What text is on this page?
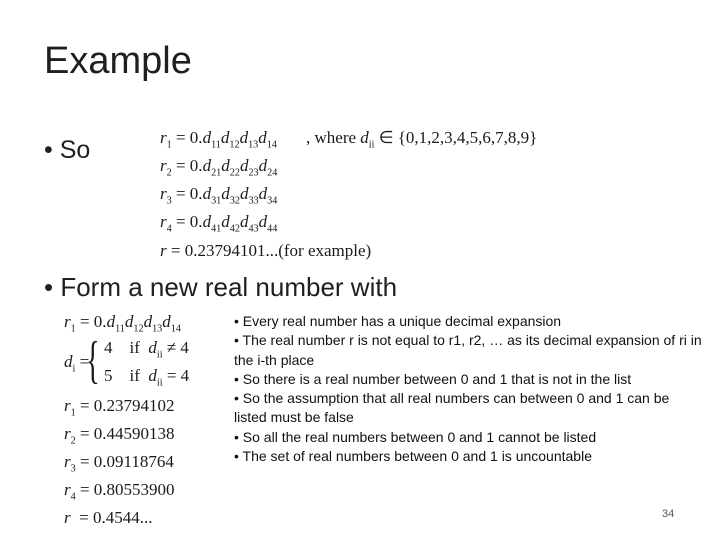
Example
• So	$r_1 = 0.d_{11}d_{12}d_{13}d_{14}$
$r_2 = 0.d_{21}d_{22}d_{23}d_{24}$
$r_3 = 0.d_{31}d_{32}d_{33}d_{34}$
$r_4 = 0.d_{41}d_{42}d_{43}d_{44}$
, where $d_{ii}$ ∈ {0,1,2,3,4,5,6,7,8,9}
r = 0.23794101...(for example)
• Form a new real number with
$r_1 = 0.d_{11}d_{12}d_{13}d_{14}$
$d_i$ =
{ 4    if  $d_{ii} \ne 4$
5    if  $d_{ii} = 4$
$r_1 = 0.23794102$
$r_2 = 0.44590138$
$r_3 = 0.09118764$
$r_4 = 0.80553900$
r = 0.4544...
• Every real number has a unique decimal expansion
• The real number r is not equal to r1, r2, … as its decimal expansion of ri in the i-th place
• So there is a real number between 0 and 1 that is not in the list
• So the assumption that all real numbers can between 0 and 1 can be listed must be false
• So all the real numbers between 0 and 1 cannot be listed
• The set of real numbers between 0 and 1 is uncountable
34
